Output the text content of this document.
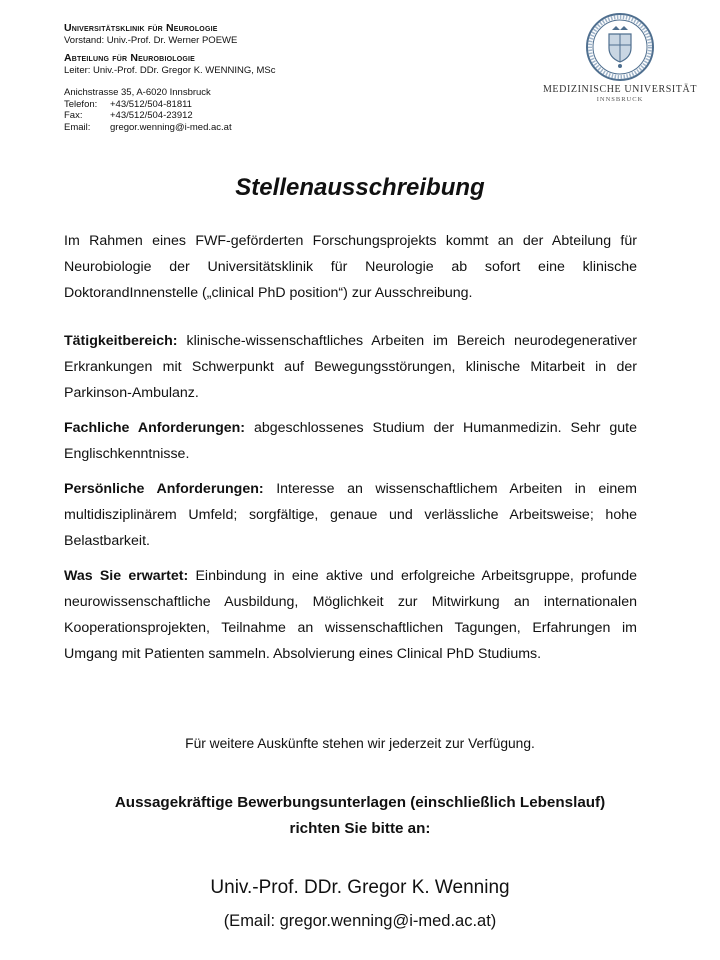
Universitätsklinik für Neurologie
Vorstand: Univ.-Prof. Dr. Werner POEWE
Abteilung für Neurobiologie
Leiter: Univ.-Prof. DDr. Gregor K. WENNING, MSc
Anichstrasse 35, A-6020 Innsbruck
Telefon:	+43/512/504-81811
Fax:	+43/512/504-23912
Email:	gregor.wenning@i-med.ac.at
MEDIZINISCHE UNIVERSITÄT
INNSBRUCK
Stellenausschreibung

Im Rahmen eines FWF-geförderten Forschungsprojekts kommt an der Abteilung für Neurobiologie der Universitätsklinik für Neurologie ab sofort eine klinische DoktorandInnenstelle („clinical PhD position“) zur Ausschreibung.

Tätigkeitbereich: klinische-wissenschaftliches Arbeiten im Bereich neurodegenerativer Erkrankungen mit Schwerpunkt auf Bewegungsstörungen, klinische Mitarbeit in der Parkinson-Ambulanz.

Fachliche Anforderungen: abgeschlossenes Studium der Humanmedizin. Sehr gute Englischkenntnisse.

Persönliche Anforderungen: Interesse an wissenschaftlichem Arbeiten in einem multidisziplinärem Umfeld; sorgfältige, genaue und verlässliche Arbeitsweise; hohe Belastbarkeit.

Was Sie erwartet: Einbindung in eine aktive und erfolgreiche Arbeitsgruppe, profunde neurowissenschaftliche Ausbildung, Möglichkeit zur Mitwirkung an internationalen Kooperationsprojekten, Teilnahme an wissenschaftlichen Tagungen, Erfahrungen im Umgang mit Patienten sammeln. Absolvierung eines Clinical PhD Studiums.

Für weitere Auskünfte stehen wir jederzeit zur Verfügung.
Aussagekräftige Bewerbungsunterlagen (einschließlich Lebenslauf)
richten Sie bitte an:
Univ.-Prof. DDr. Gregor K. Wenning
(Email: gregor.wenning@i-med.ac.at)
